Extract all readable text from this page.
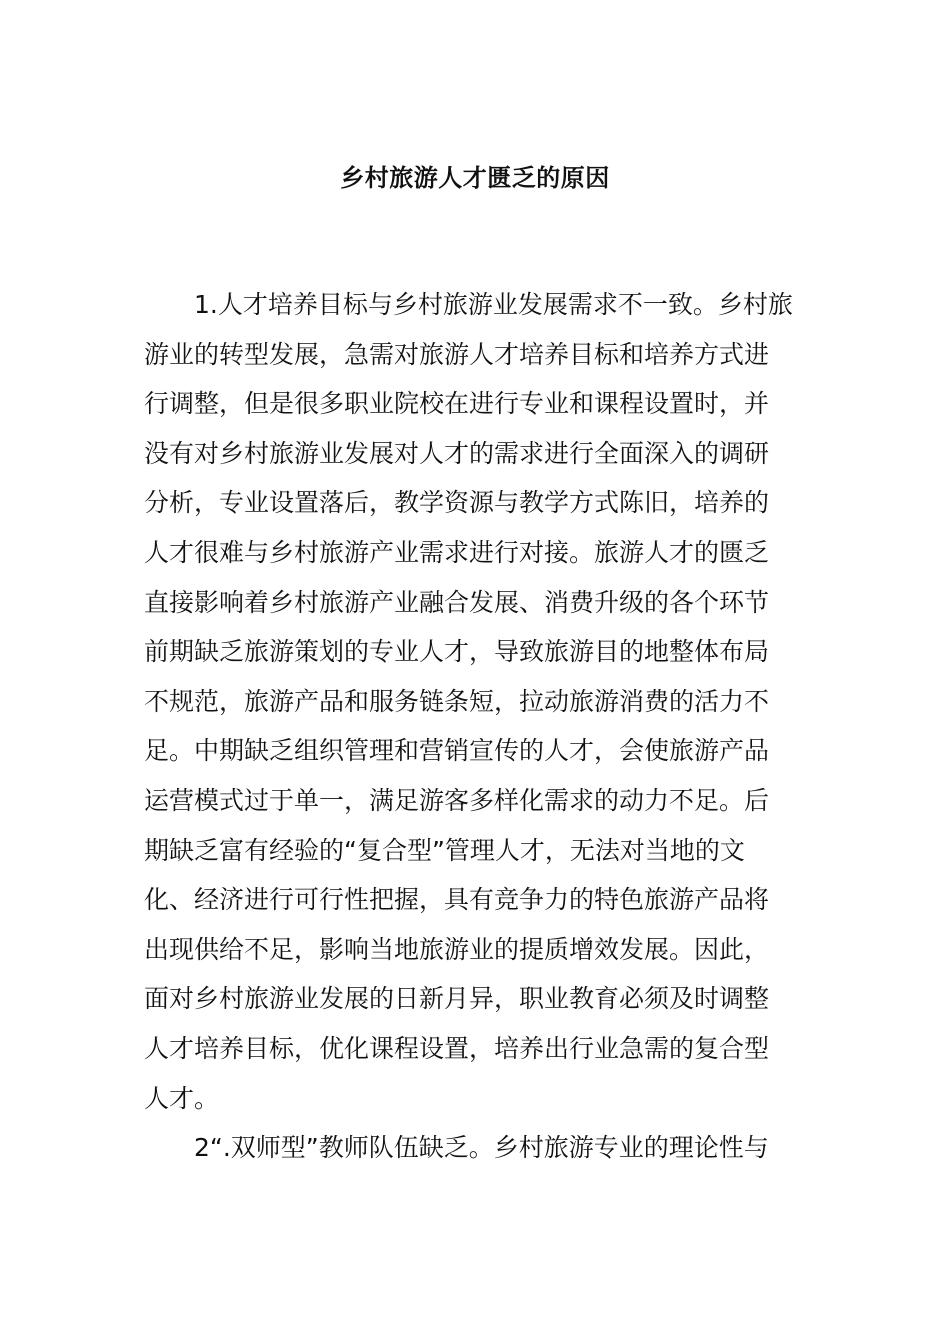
乡村旅游人才匮乏的原因
1.人才培养目标与乡村旅游业发展需求不一致。乡村旅
游业的转型发展，急需对旅游人才培养目标和培养方式进
行调整，但是很多职业院校在进行专业和课程设置时，并
没有对乡村旅游业发展对人才的需求进行全面深入的调研
分析，专业设置落后，教学资源与教学方式陈旧，培养的
人才很难与乡村旅游产业需求进行对接。旅游人才的匮乏
直接影响着乡村旅游产业融合发展、消费升级的各个环节
前期缺乏旅游策划的专业人才，导致旅游目的地整体布局
不规范，旅游产品和服务链条短，拉动旅游消费的活力不
足。中期缺乏组织管理和营销宣传的人才，会使旅游产品
运营模式过于单一，满足游客多样化需求的动力不足。后
期缺乏富有经验的“复合型”管理人才，无法对当地的文
化、经济进行可行性把握，具有竞争力的特色旅游产品将
出现供给不足，影响当地旅游业的提质增效发展。因此，
面对乡村旅游业发展的日新月异，职业教育必须及时调整
人才培养目标，优化课程设置，培养出行业急需的复合型
人才。
2“.双师型”教师队伍缺乏。乡村旅游专业的理论性与
